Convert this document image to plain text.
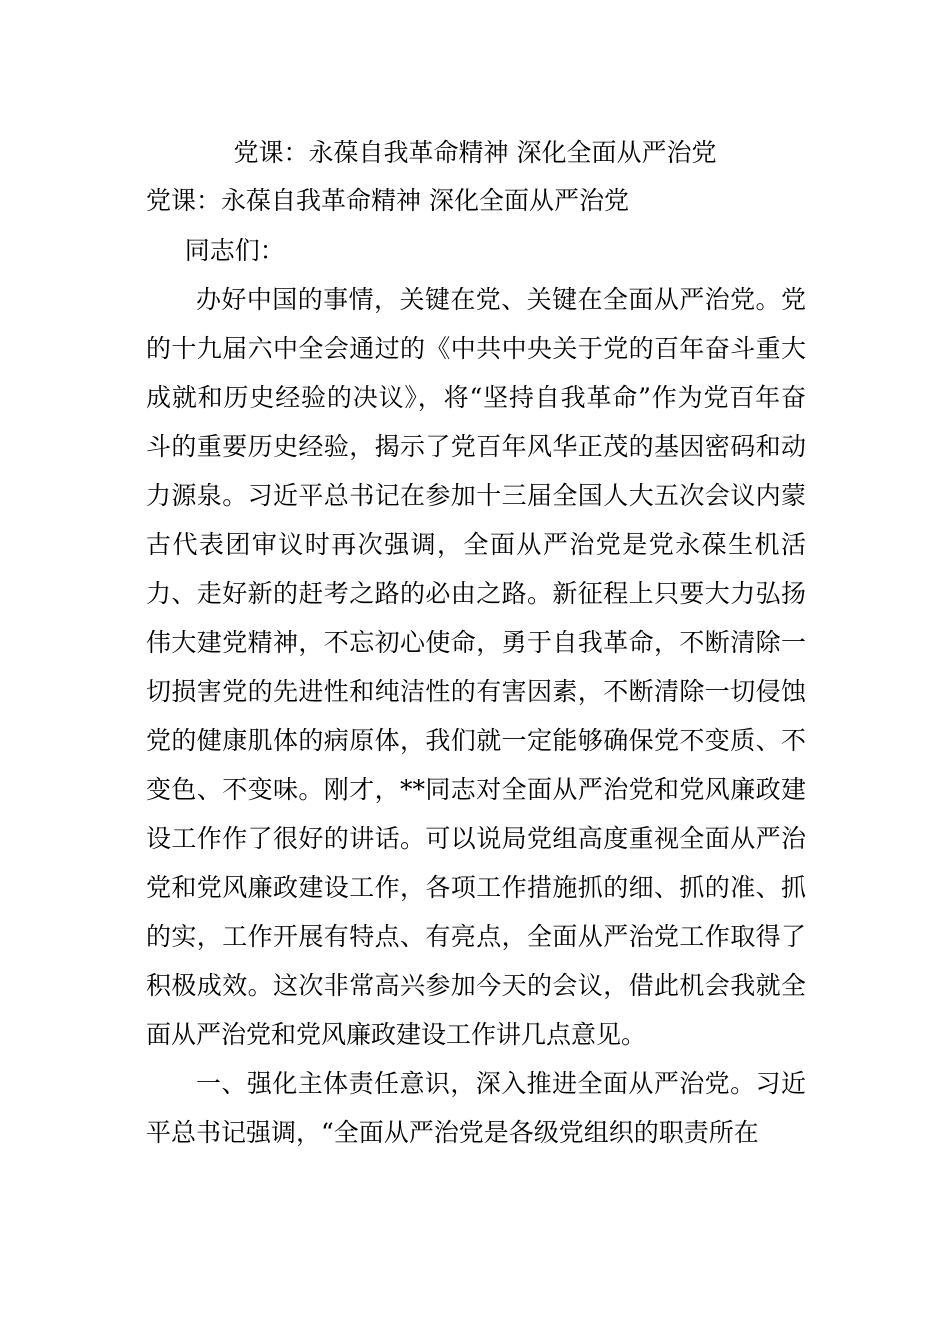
党课：永葆自我革命精神 深化全面从严治党
党课：永葆自我革命精神 深化全面从严治党

同志们：

办好中国的事情，关键在党、关键在全面从严治党。党的十九届六中全会通过的《中共中央关于党的百年奋斗重大成就和历史经验的决议》，将“坚持自我革命”作为党百年奋斗的重要历史经验，揭示了党百年风华正茂的基因密码和动力源泉。习近平总书记在参加十三届全国人大五次会议内蒙古代表团审议时再次强调，全面从严治党是党永葆生机活力、走好新的赶考之路的必由之路。新征程上只要大力弘扬伟大建党精神，不忘初心使命，勇于自我革命，不断清除一切损害党的先进性和纯洁性的有害因素，不断清除一切侵蚀党的健康肌体的病原体，我们就一定能够确保党不变质、不变色、不变味。刚才，**同志对全面从严治党和党风廉政建设工作作了很好的讲话。可以说局党组高度重视全面从严治党和党风廉政建设工作，各项工作措施抓的细、抓的准、抓的实，工作开展有特点、有亮点，全面从严治党工作取得了积极成效。这次非常高兴参加今天的会议，借此机会我就全面从严治党和党风廉政建设工作讲几点意见。

一、强化主体责任意识，深入推进全面从严治党。习近平总书记强调，“全面从严治党是各级党组织的职责所在
